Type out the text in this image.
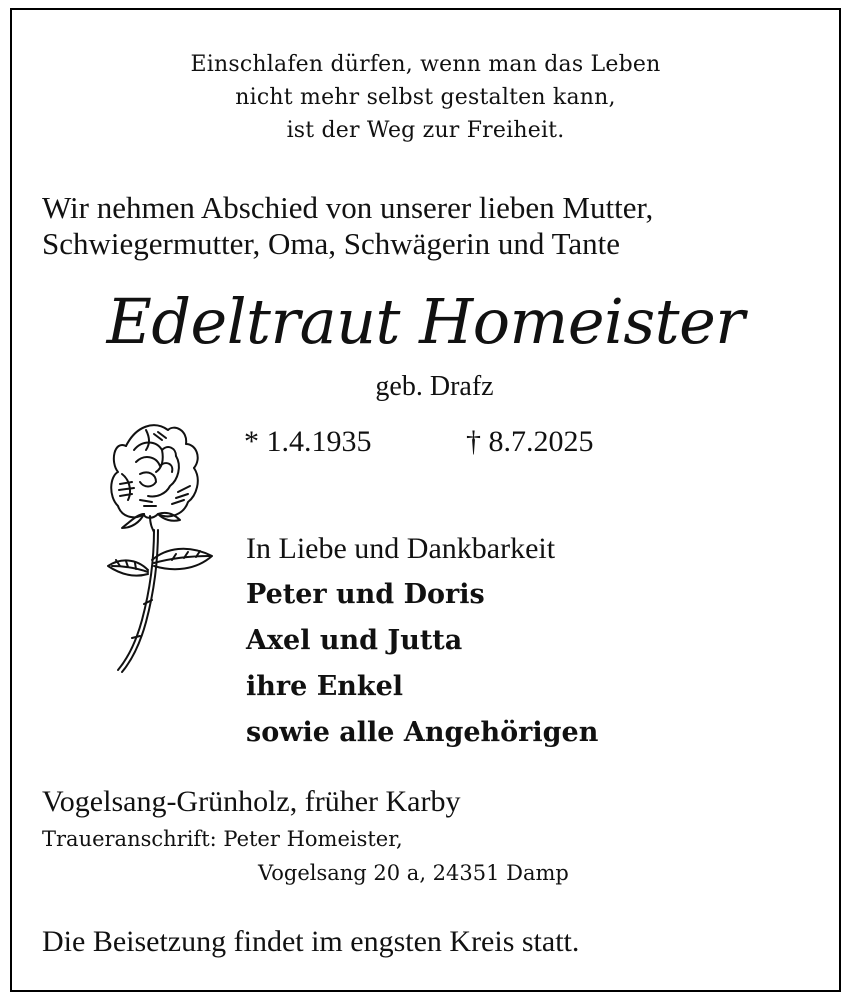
Einschlafen dürfen, wenn man das Leben
nicht mehr selbst gestalten kann,
ist der Weg zur Freiheit.
Wir nehmen Abschied von unserer lieben Mutter,
Schwiegermutter, Oma, Schwägerin und Tante
Edeltraut Homeister
geb. Drafz
* 1.4.1935	† 8.7.2025
In Liebe und Dankbarkeit
Peter und Doris
Axel und Jutta
ihre Enkel
sowie alle Angehörigen
Vogelsang-Grünholz, früher Karby
Traueranschrift: Peter Homeister,
Vogelsang 20 a, 24351 Damp
Die Beisetzung findet im engsten Kreis statt.
